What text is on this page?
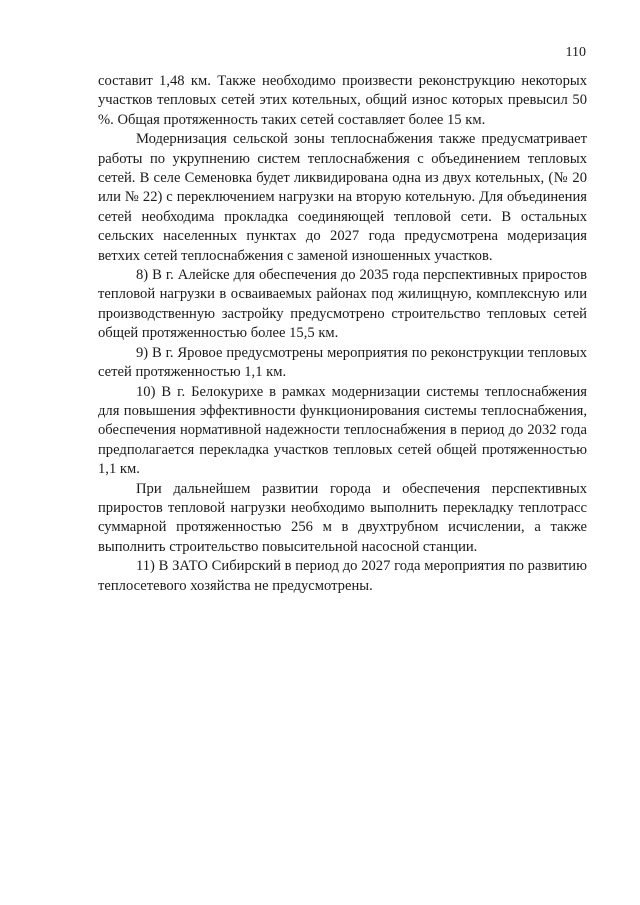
110

составит 1,48 км. Также необходимо произвести реконструкцию некоторых участков тепловых сетей этих котельных, общий износ которых превысил 50 %. Общая протяженность таких сетей составляет более 15 км.

Модернизация сельской зоны теплоснабжения также предусматривает работы по укрупнению систем теплоснабжения с объединением тепловых сетей. В селе Семеновка будет ликвидирована одна из двух котельных, (№ 20 или № 22) с переключением нагрузки на вторую котельную. Для объединения сетей необходима прокладка соединяющей тепловой сети. В остальных сельских населенных пунктах до 2027 года предусмотрена модеризация ветхих сетей теплоснабжения с заменой изношенных участков.

8) В г. Алейске для обеспечения до 2035 года перспективных приростов тепловой нагрузки в осваиваемых районах под жилищную, комплексную или производственную застройку предусмотрено строительство тепловых сетей общей протяженностью более 15,5 км.

9) В г. Яровое предусмотрены мероприятия по реконструкции тепловых сетей протяженностью 1,1 км.

10) В г. Белокурихе в рамках модернизации системы теплоснабжения для повышения эффективности функционирования системы теплоснабжения, обеспечения нормативной надежности теплоснабжения в период до 2032 года предполагается перекладка участков тепловых сетей общей протяженностью 1,1 км.

При дальнейшем развитии города и обеспечения перспективных приростов тепловой нагрузки необходимо выполнить перекладку теплотрасс суммарной протяженностью 256 м в двухтрубном исчислении, а также выполнить строительство повысительной насосной станции.

11) В ЗАТО Сибирский в период до 2027 года мероприятия по развитию теплосетевого хозяйства не предусмотрены.
